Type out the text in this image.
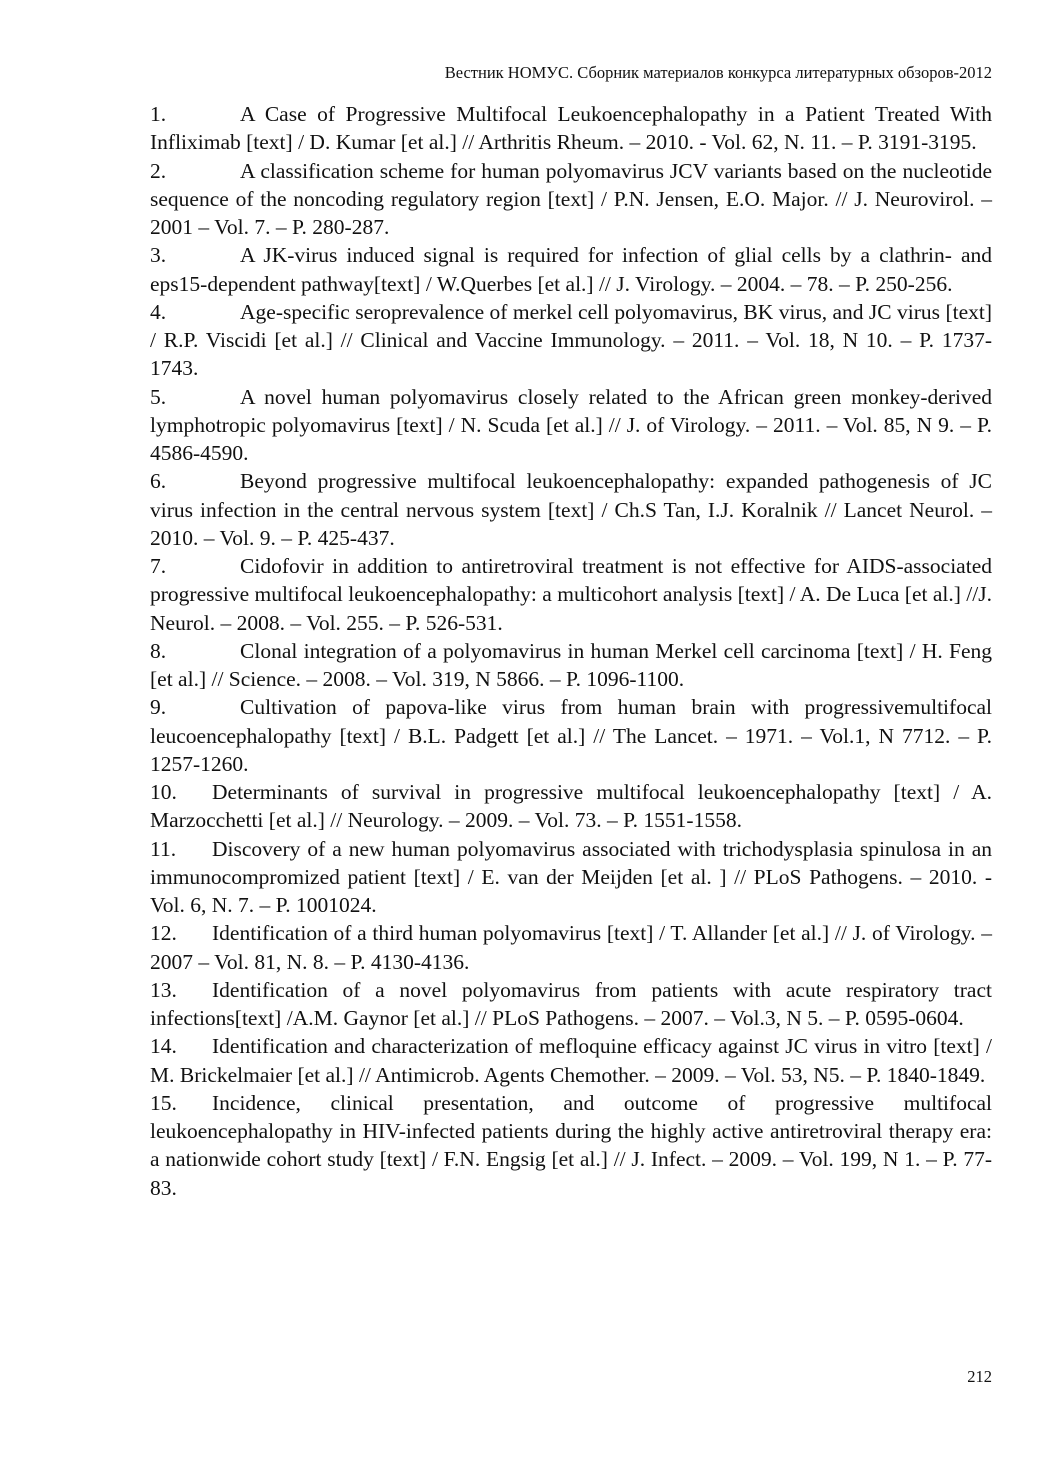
Вестник НОМУС. Сборник материалов конкурса литературных обзоров-2012
1.	A Case of Progressive Multifocal Leukoencephalopathy in a Patient Treated With Infliximab [text] / D. Kumar [et al.] // Arthritis Rheum. – 2010. - Vol. 62, N. 11. – P. 3191-3195.
2.	A classification scheme for human polyomavirus JCV variants based on the nucleotide sequence of the noncoding regulatory region [text] / P.N. Jensen, E.O. Major. // J. Neurovirol. – 2001 – Vol. 7. – P. 280-287.
3.	A JK-virus induced signal is required for infection of glial cells by a clathrin- and eps15-dependent pathway[text] / W.Querbes [et al.] // J. Virology. – 2004. – 78. – P. 250-256.
4.	Age-specific seroprevalence of merkel cell polyomavirus, BK virus, and JC virus [text] / R.P. Viscidi [et al.] // Clinical and Vaccine Immunology. – 2011. – Vol. 18, N 10. – P. 1737-1743.
5.	A novel human polyomavirus closely related to the African green monkey-derived lymphotropic polyomavirus [text] / N. Scuda [et al.] // J. of Virology. – 2011. – Vol. 85, N 9. – P. 4586-4590.
6.	Beyond progressive multifocal leukoencephalopathy: expanded pathogenesis of JC virus infection in the central nervous system [text] / Ch.S Tan, I.J. Koralnik // Lancet Neurol. – 2010. – Vol. 9. – P. 425-437.
7.	Cidofovir in addition to antiretroviral treatment is not effective for AIDS-associated progressive multifocal leukoencephalopathy: a multicohort analysis [text] / A. De Luca [et al.] //J. Neurol. – 2008. – Vol. 255. – P. 526-531.
8.	Clonal integration of a polyomavirus in human Merkel cell carcinoma [text] / H. Feng [et al.] // Science. – 2008. – Vol. 319, N 5866. – P. 1096-1100.
9.	Cultivation of papova-like virus from human brain with progressivemultifocal leucoencephalopathy [text] / B.L. Padgett [et al.] // The Lancet. – 1971. – Vol.1, N 7712. – P. 1257-1260.
10. Determinants of survival in progressive multifocal leukoencephalopathy [text] / A. Marzocchetti [et al.] // Neurology. – 2009. – Vol. 73. – P. 1551-1558.
11. Discovery of a new human polyomavirus associated with trichodysplasia spinulosa in an immunocompromized patient [text] / E. van der Meijden [et al. ] // PLoS Pathogens. – 2010. - Vol. 6, N. 7. – P. 1001024.
12. Identification of a third human polyomavirus [text] / T. Allander [et al.] // J. of Virology. – 2007 – Vol. 81, N. 8. – P. 4130-4136.
13. Identification of a novel polyomavirus from patients with acute respiratory tract infections[text] /A.M. Gaynor [et al.] // PLoS Pathogens. – 2007. – Vol.3, N 5. – P. 0595-0604.
14. Identification and characterization of mefloquine efficacy against JC virus in vitro [text] / M. Brickelmaier [et al.] // Antimicrob. Agents Chemother. – 2009. – Vol. 53, N5. – P. 1840-1849.
15. Incidence, clinical presentation, and outcome of progressive multifocal leukoencephalopathy in HIV-infected patients during the highly active antiretroviral therapy era: a nationwide cohort study [text] / F.N. Engsig [et al.] // J. Infect. – 2009. – Vol. 199, N 1. – P. 77-83.
212
